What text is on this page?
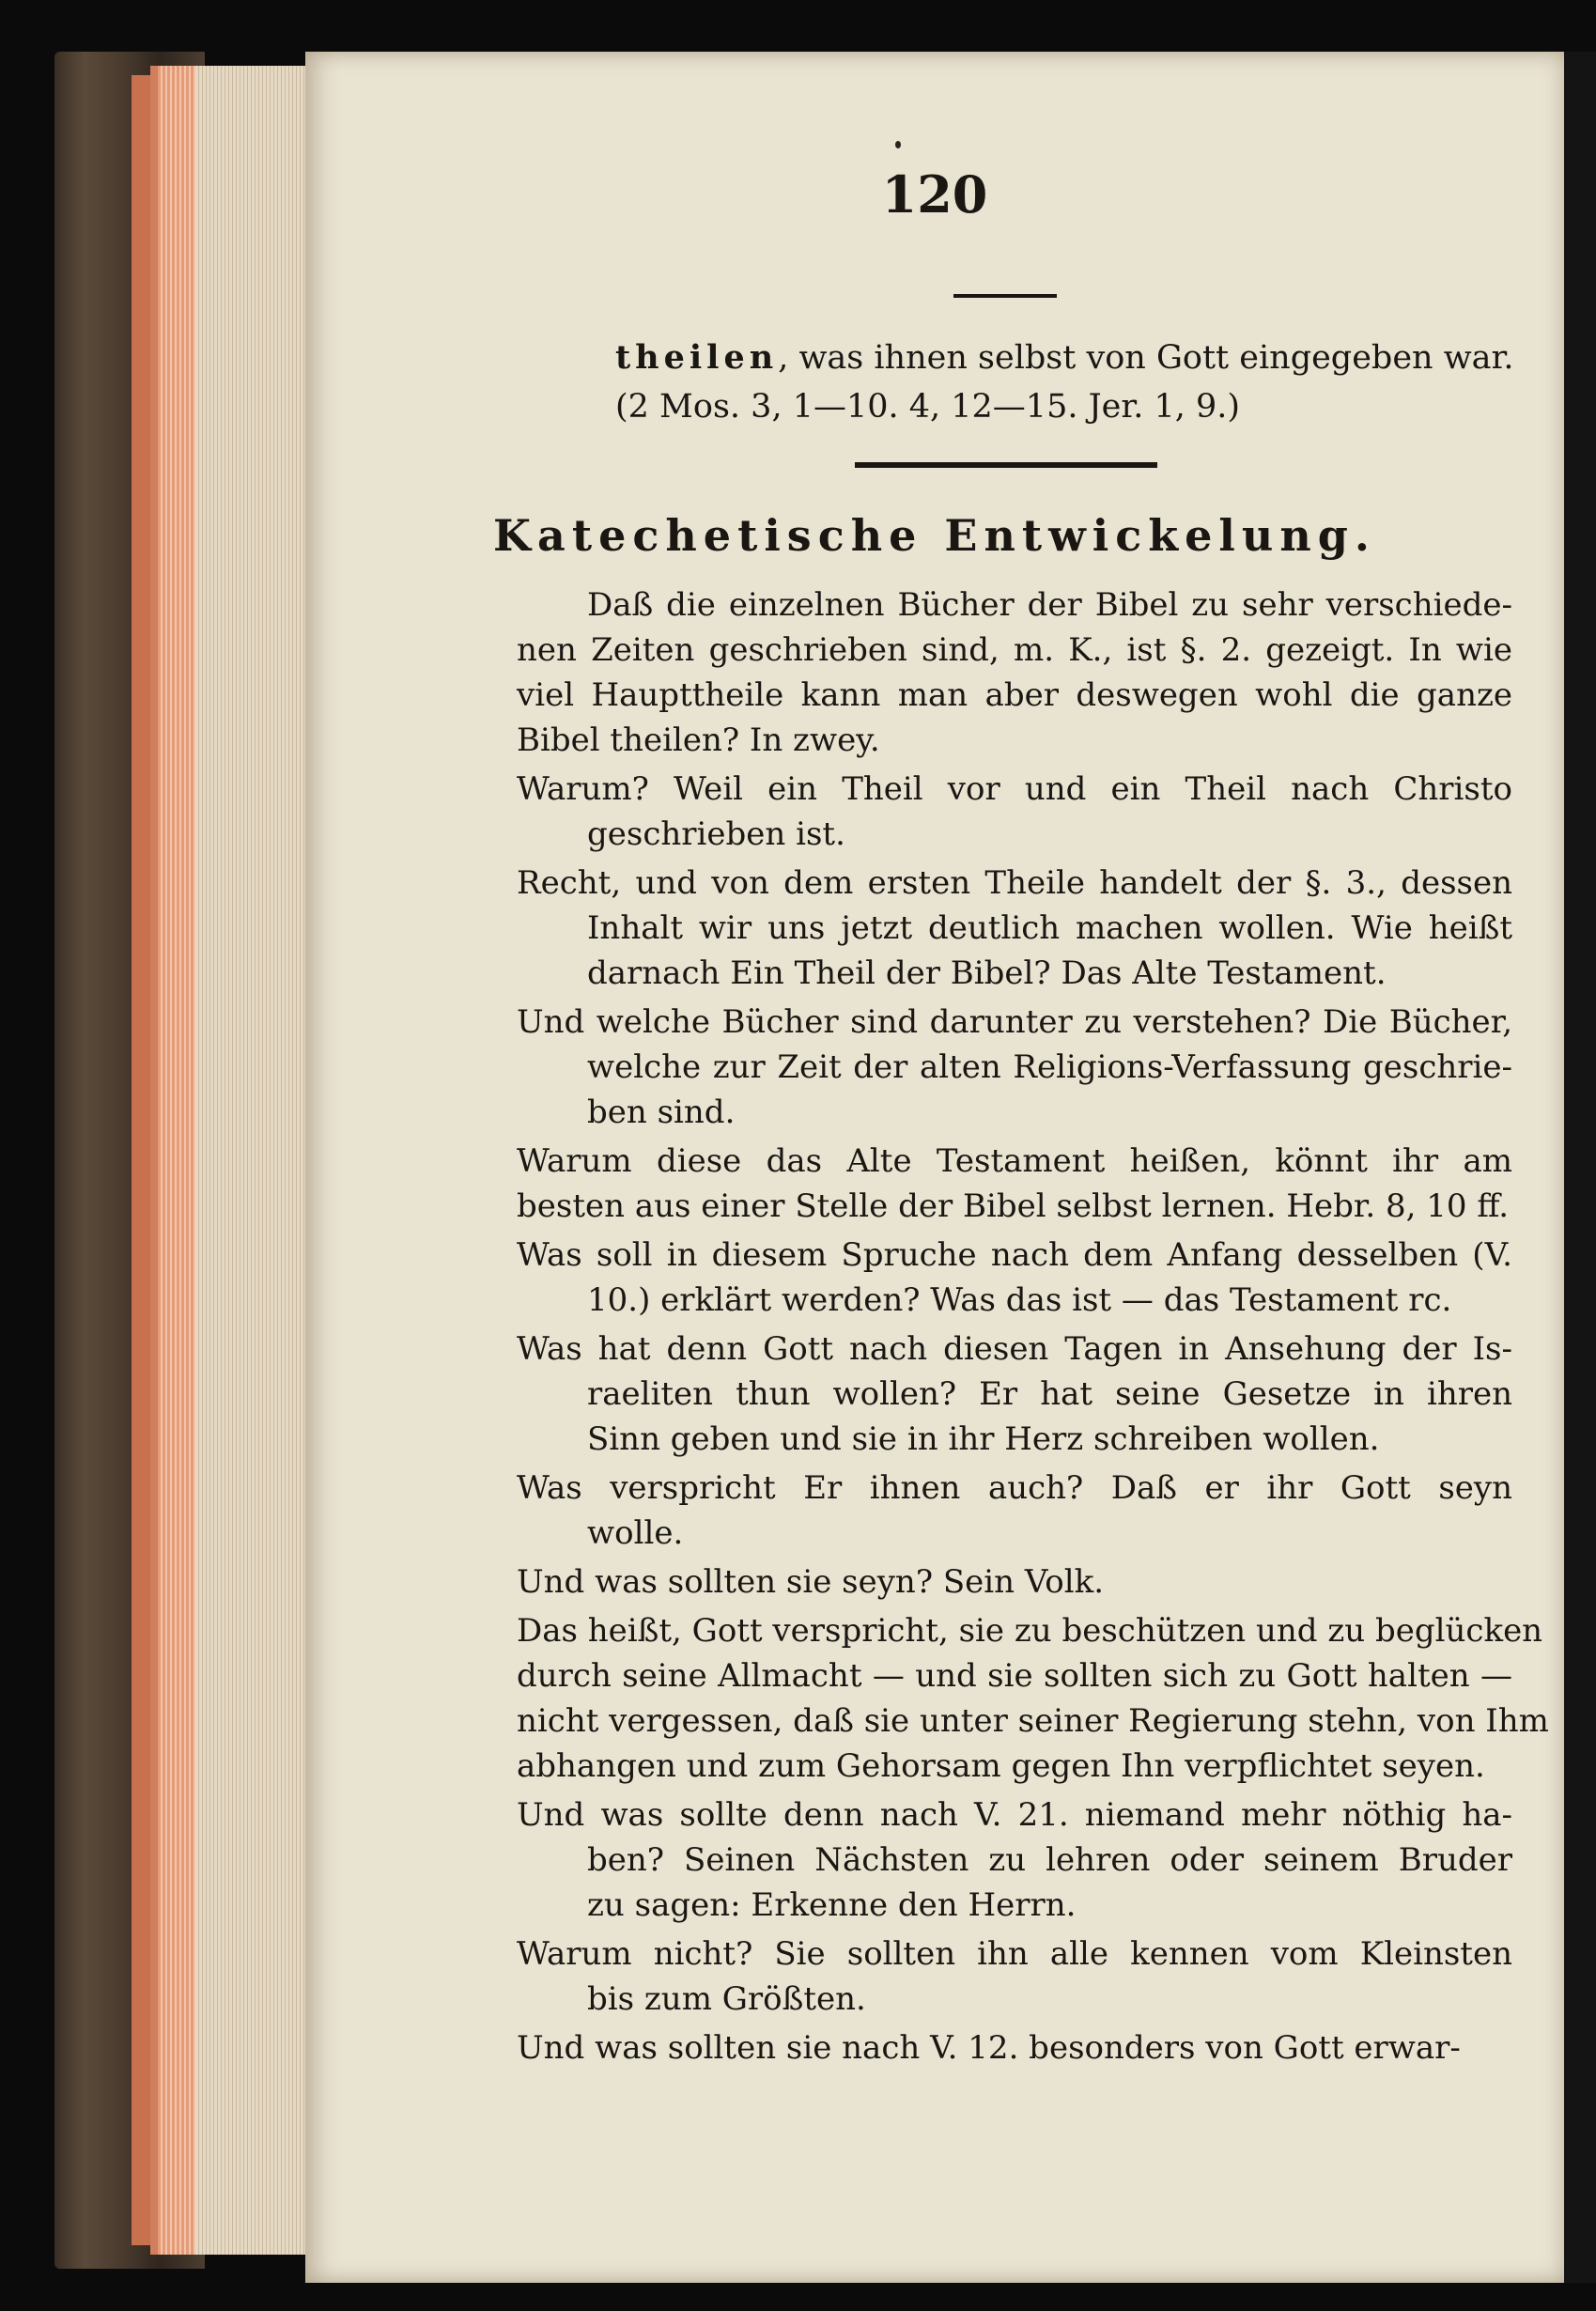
120
theilen, was ihnen selbst von Gott eingegeben war.
(2 Mos. 3, 1—10. 4, 12—15. Jer. 1, 9.)
Katechetische Entwickelung.
Daß die einzelnen Bücher der Bibel zu sehr verschiede-
nen Zeiten geschrieben sind, m. K., ist §. 2. gezeigt. In wie
viel Haupttheile kann man aber deswegen wohl die ganze
Bibel theilen? In zwey.
Warum? Weil ein Theil vor und ein Theil nach Christo
geschrieben ist.
Recht, und von dem ersten Theile handelt der §. 3., dessen
Inhalt wir uns jetzt deutlich machen wollen. Wie heißt
darnach Ein Theil der Bibel? Das Alte Testament.
Und welche Bücher sind darunter zu verstehen? Die Bücher,
welche zur Zeit der alten Religions-Verfassung geschrie-
ben sind.
Warum diese das Alte Testament heißen, könnt ihr am
besten aus einer Stelle der Bibel selbst lernen. Hebr. 8, 10 ff.
Was soll in diesem Spruche nach dem Anfang desselben (V.
10.) erklärt werden? Was das ist — das Testament rc.
Was hat denn Gott nach diesen Tagen in Ansehung der Is-
raeliten thun wollen? Er hat seine Gesetze in ihren
Sinn geben und sie in ihr Herz schreiben wollen.
Was verspricht Er ihnen auch? Daß er ihr Gott seyn
wolle.
Und was sollten sie seyn? Sein Volk.
Das heißt, Gott verspricht, sie zu beschützen und zu beglücken
durch seine Allmacht — und sie sollten sich zu Gott halten —
nicht vergessen, daß sie unter seiner Regierung stehn, von Ihm
abhangen und zum Gehorsam gegen Ihn verpflichtet seyen.
Und was sollte denn nach V. 21. niemand mehr nöthig ha-
ben? Seinen Nächsten zu lehren oder seinem Bruder
zu sagen: Erkenne den Herrn.
Warum nicht? Sie sollten ihn alle kennen vom Kleinsten
bis zum Größten.
Und was sollten sie nach V. 12. besonders von Gott erwar-
